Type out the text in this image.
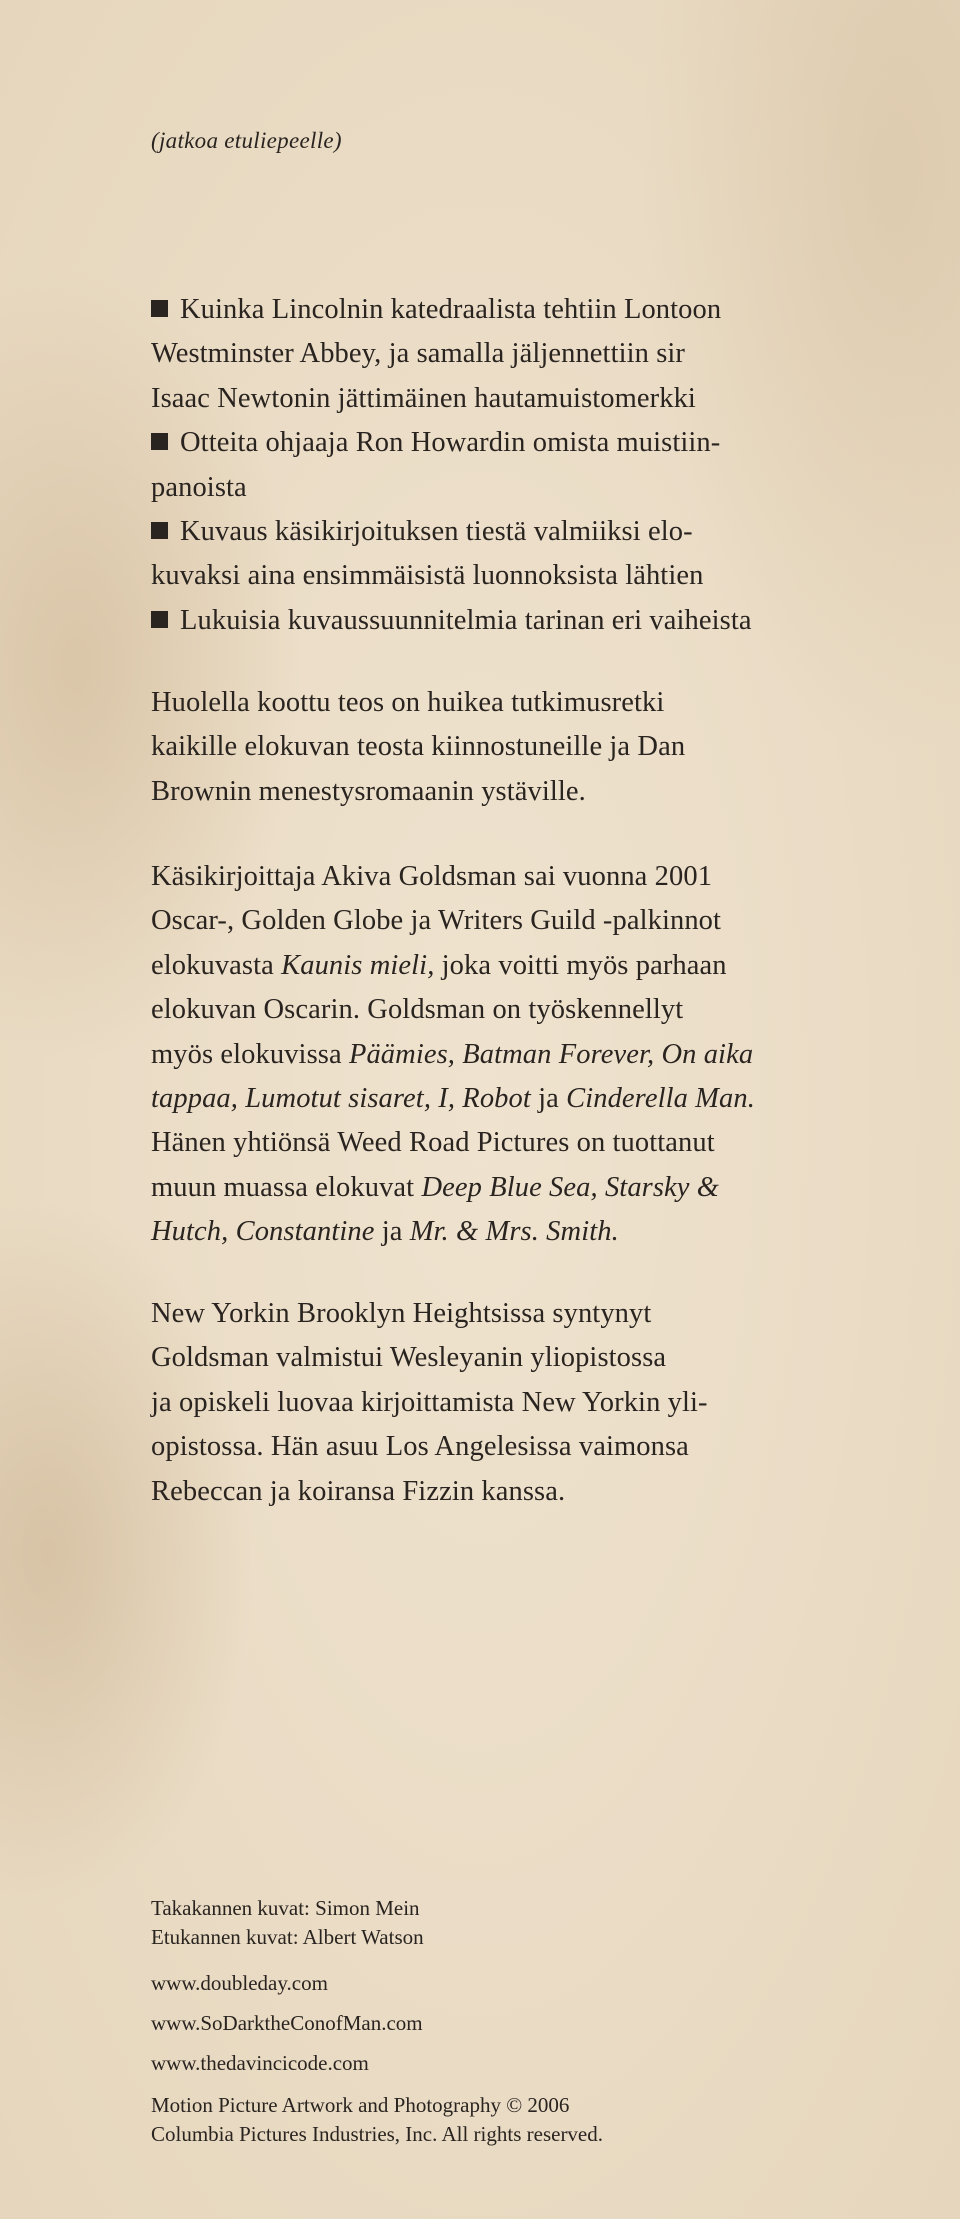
(jatkoa etuliepeelle)
Kuinka Lincolnin katedraalista tehtiin Lontoon
Westminster Abbey, ja samalla jäljennettiin sir
Isaac Newtonin jättimäinen hautamuistomerkki
Otteita ohjaaja Ron Howardin omista muistiin-
panoista
Kuvaus käsikirjoituksen tiestä valmiiksi elo-
kuvaksi aina ensimmäisistä luonnoksista lähtien
Lukuisia kuvaussuunnitelmia tarinan eri vaiheista
Huolella koottu teos on huikea tutkimusretki
kaikille elokuvan teosta kiinnostuneille ja Dan
Brownin menestysromaanin ystäville.
Käsikirjoittaja Akiva Goldsman sai vuonna 2001
Oscar-, Golden Globe ja Writers Guild -palkinnot
elokuvasta Kaunis mieli, joka voitti myös parhaan
elokuvan Oscarin. Goldsman on työskennellyt
myös elokuvissa Päämies, Batman Forever, On aika
tappaa, Lumotut sisaret, I, Robot ja Cinderella Man.
Hänen yhtiönsä Weed Road Pictures on tuottanut
muun muassa elokuvat Deep Blue Sea, Starsky &
Hutch, Constantine ja Mr. & Mrs. Smith.
New Yorkin Brooklyn Heightsissa syntynyt
Goldsman valmistui Wesleyanin yliopistossa
ja opiskeli luovaa kirjoittamista New Yorkin yli-
opistossa. Hän asuu Los Angelesissa vaimonsa
Rebeccan ja koiransa Fizzin kanssa.
Takakannen kuvat: Simon Mein
Etukannen kuvat: Albert Watson
www.doubleday.com
www.SoDarktheConofMan.com
www.thedavincicode.com
Motion Picture Artwork and Photography © 2006
Columbia Pictures Industries, Inc. All rights reserved.
